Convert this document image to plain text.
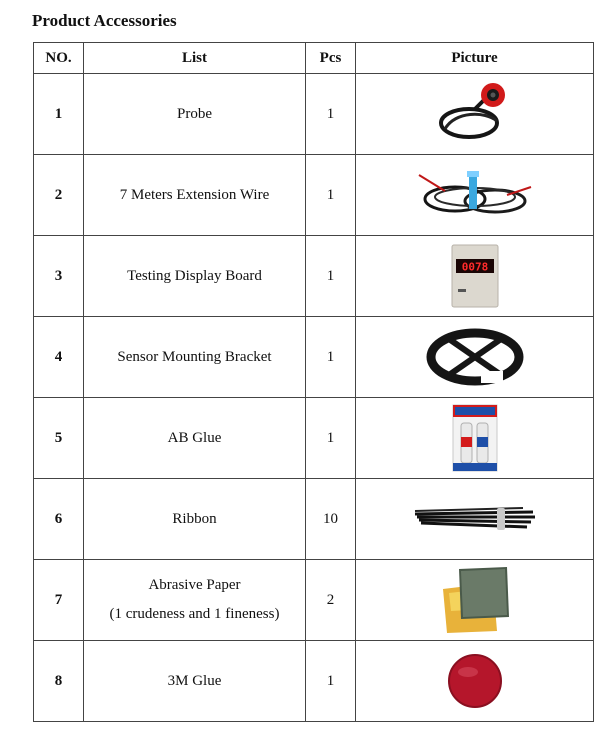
Product Accessories
NO.	List	Pcs	Picture
1	Probe	1	

2	7 Meters Extension Wire	1	

3	Testing Display Board	1	0078

4	Sensor Mounting Bracket	1	

5	AB Glue	1	

6	Ribbon	10	

7	Abrasive Paper
(1 crudeness and 1 fineness)	2	

8	3M Glue	1	
